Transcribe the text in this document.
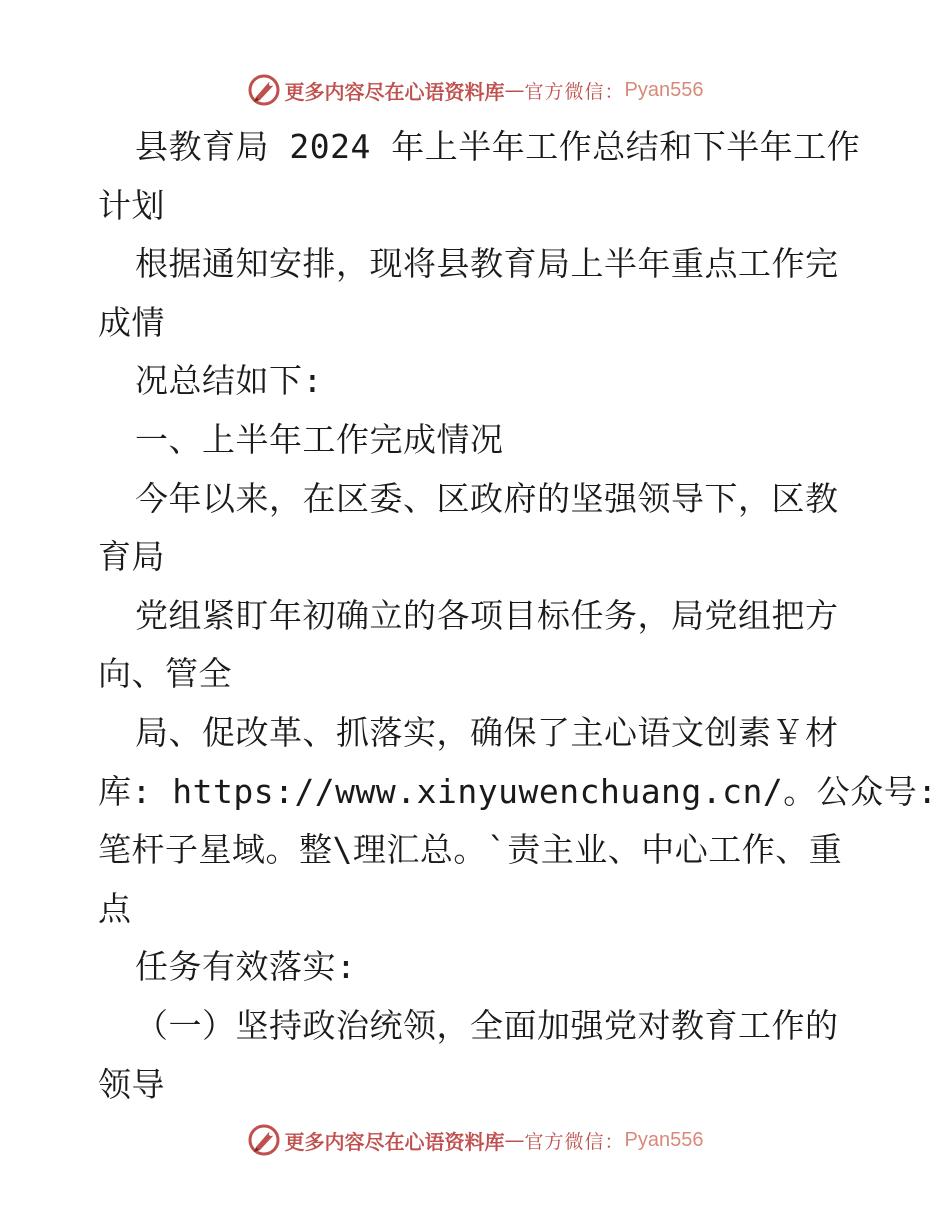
更多内容尽在心语资料库 — 官方微信： Pyan556
县教育局 2024 年上半年工作总结和下半年工作
计划
根据通知安排，现将县教育局上半年重点工作完
成情
况总结如下:
一、上半年工作完成情况
今年以来，在区委、区政府的坚强领导下，区教
育局
党组紧盯年初确立的各项目标任务，局党组把方
向、管全
局、促改革、抓落实，确保了主心语文创素￥材
库: https://www.xinyuwenchuang.cn/。公众号:
笔杆子星域。整\理汇总。`责主业、中心工作、重
点
任务有效落实:
（一）坚持政治统领，全面加强党对教育工作的
领导
更多内容尽在心语资料库 — 官方微信： Pyan556
